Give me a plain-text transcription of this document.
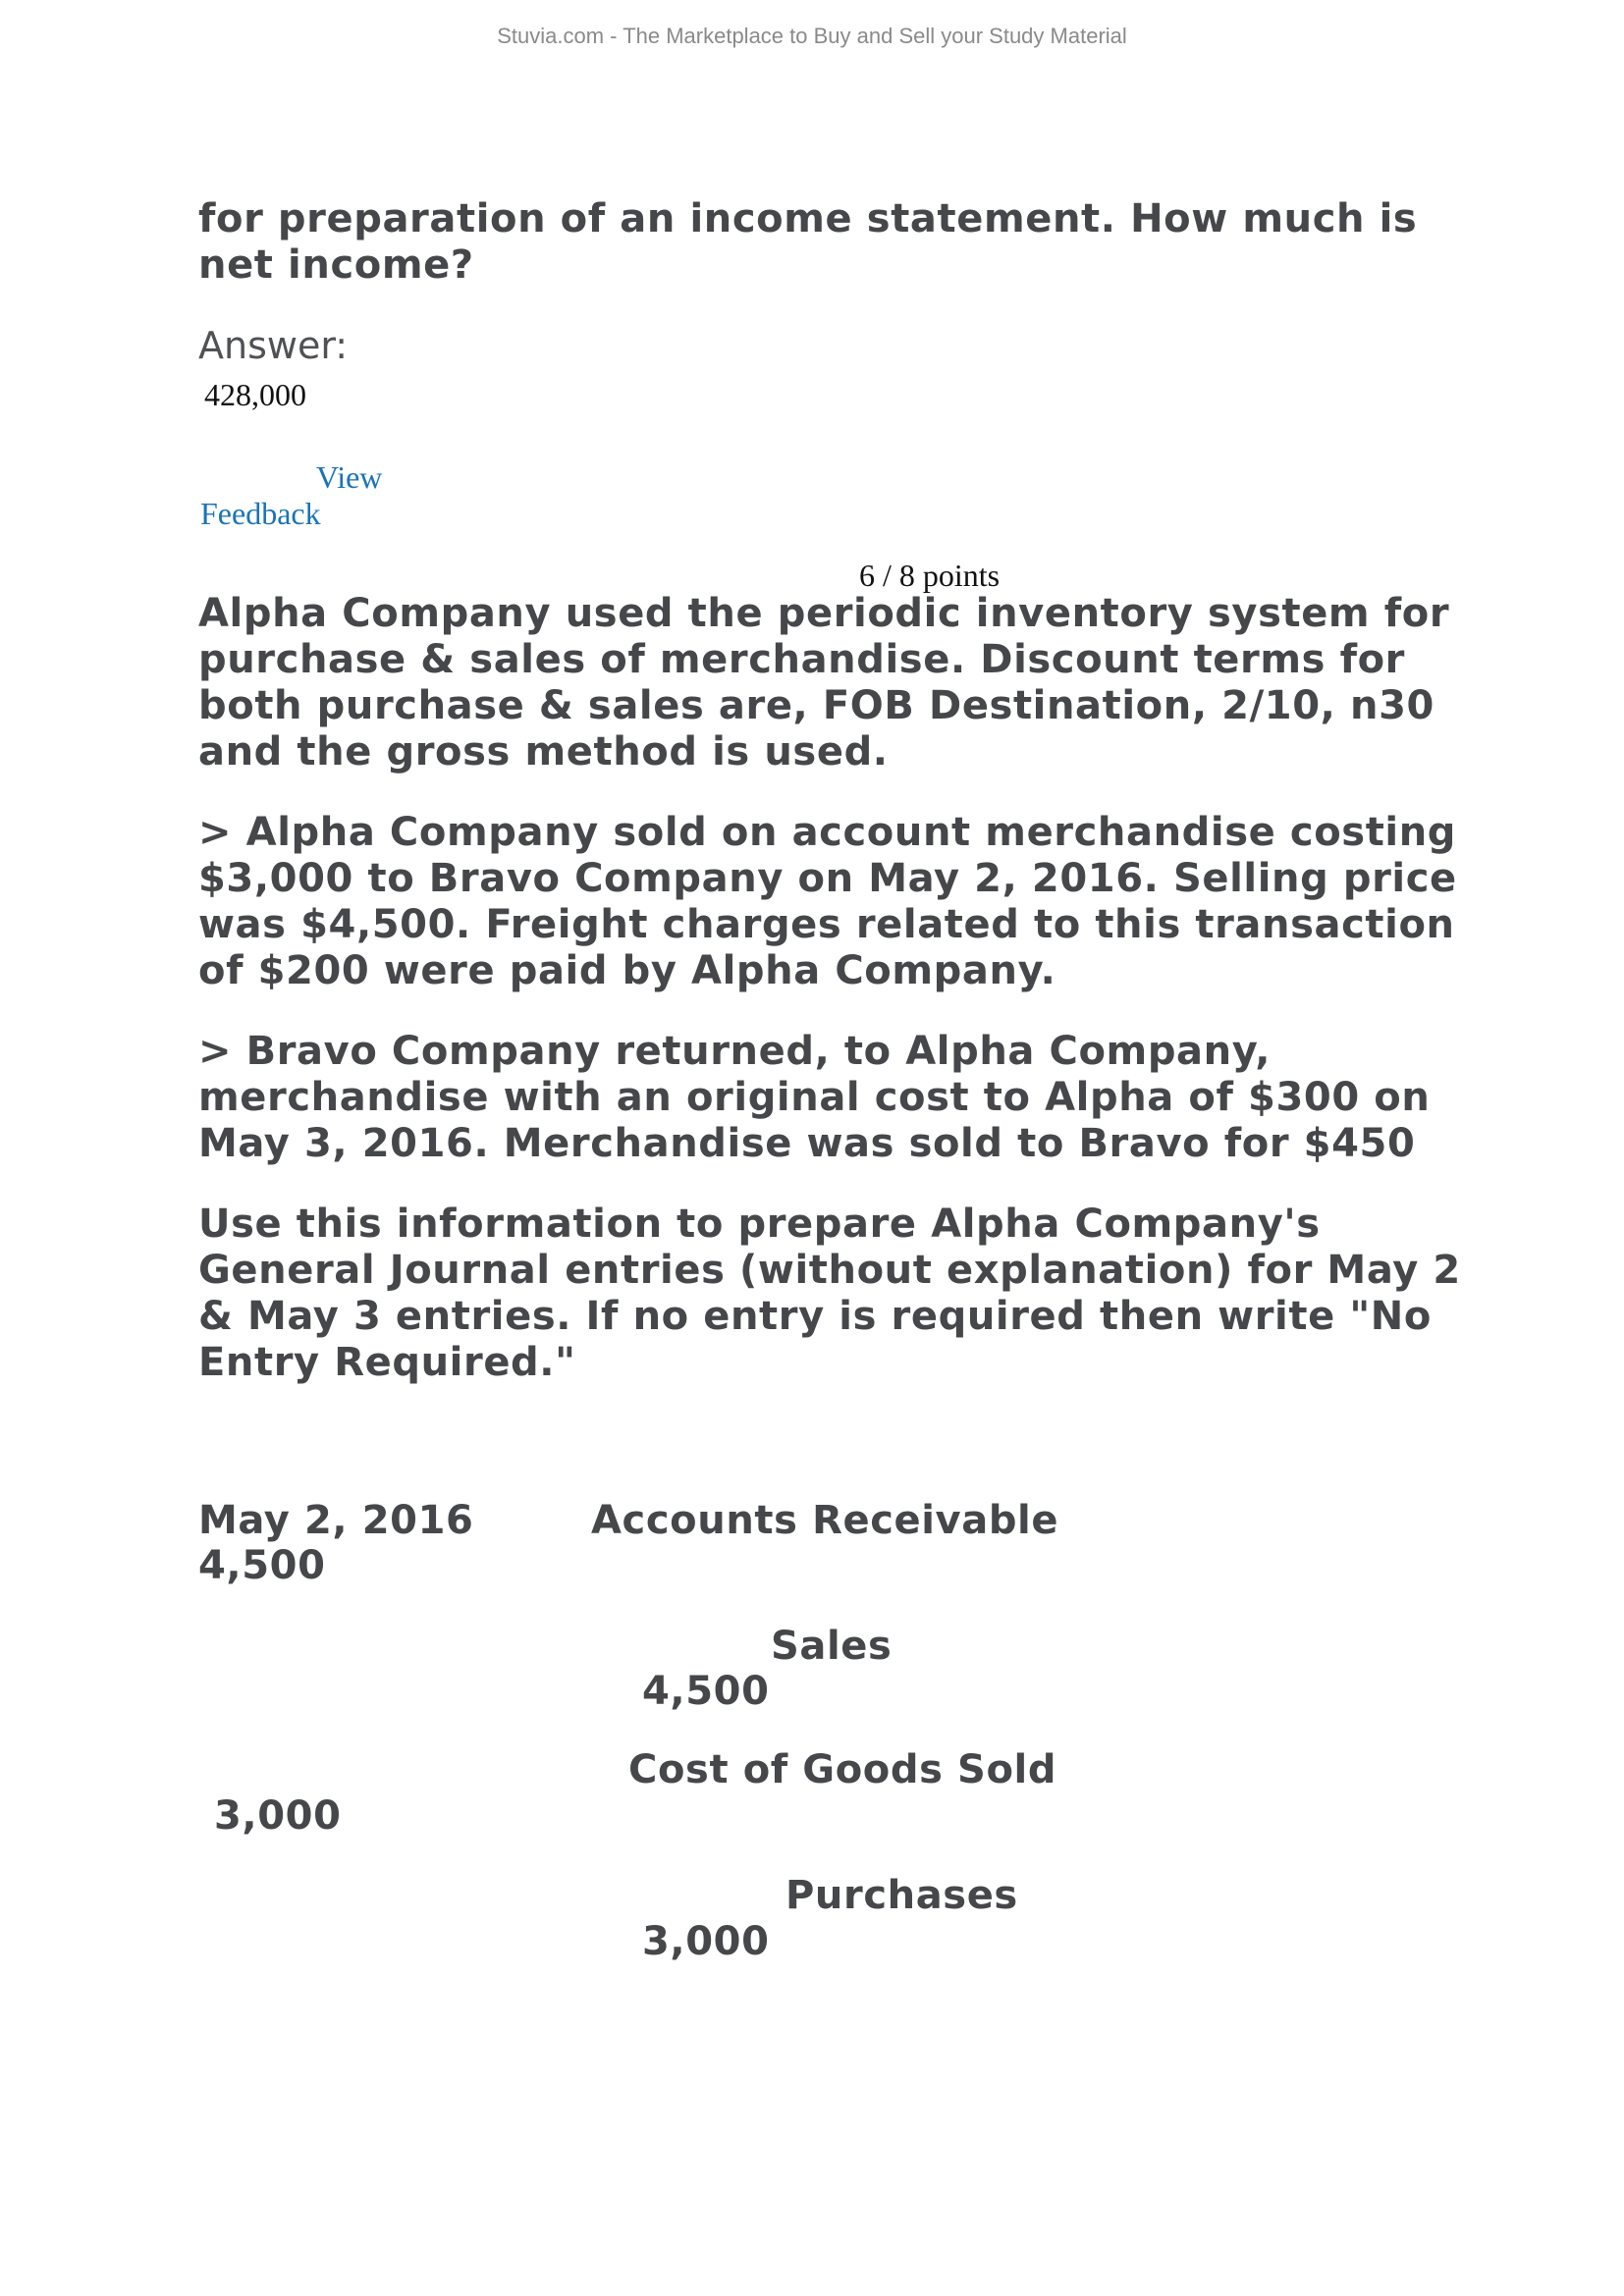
Stuvia.com - The Marketplace to Buy and Sell your Study Material
for preparation of an income statement. How much is
net income?
Answer:
428,000
View
Feedback
6 / 8 points
Alpha Company used the periodic inventory system for
purchase & sales of merchandise. Discount terms for
both purchase & sales are, FOB Destination, 2/10, n30
and the gross method is used.
> Alpha Company sold on account merchandise costing
$3,000 to Bravo Company on May 2, 2016. Selling price
was $4,500. Freight charges related to this transaction
of $200 were paid by Alpha Company.
> Bravo Company returned, to Alpha Company,
merchandise with an original cost to Alpha of $300 on
May 3, 2016. Merchandise was sold to Bravo for $450
Use this information to prepare Alpha Company's
General Journal entries (without explanation) for May 2
& May 3 entries. If no entry is required then write "No
Entry Required."
May 2, 2016	Accounts Receivable
4,500
Sales
4,500
Cost of Goods Sold
3,000
Purchases
3,000
